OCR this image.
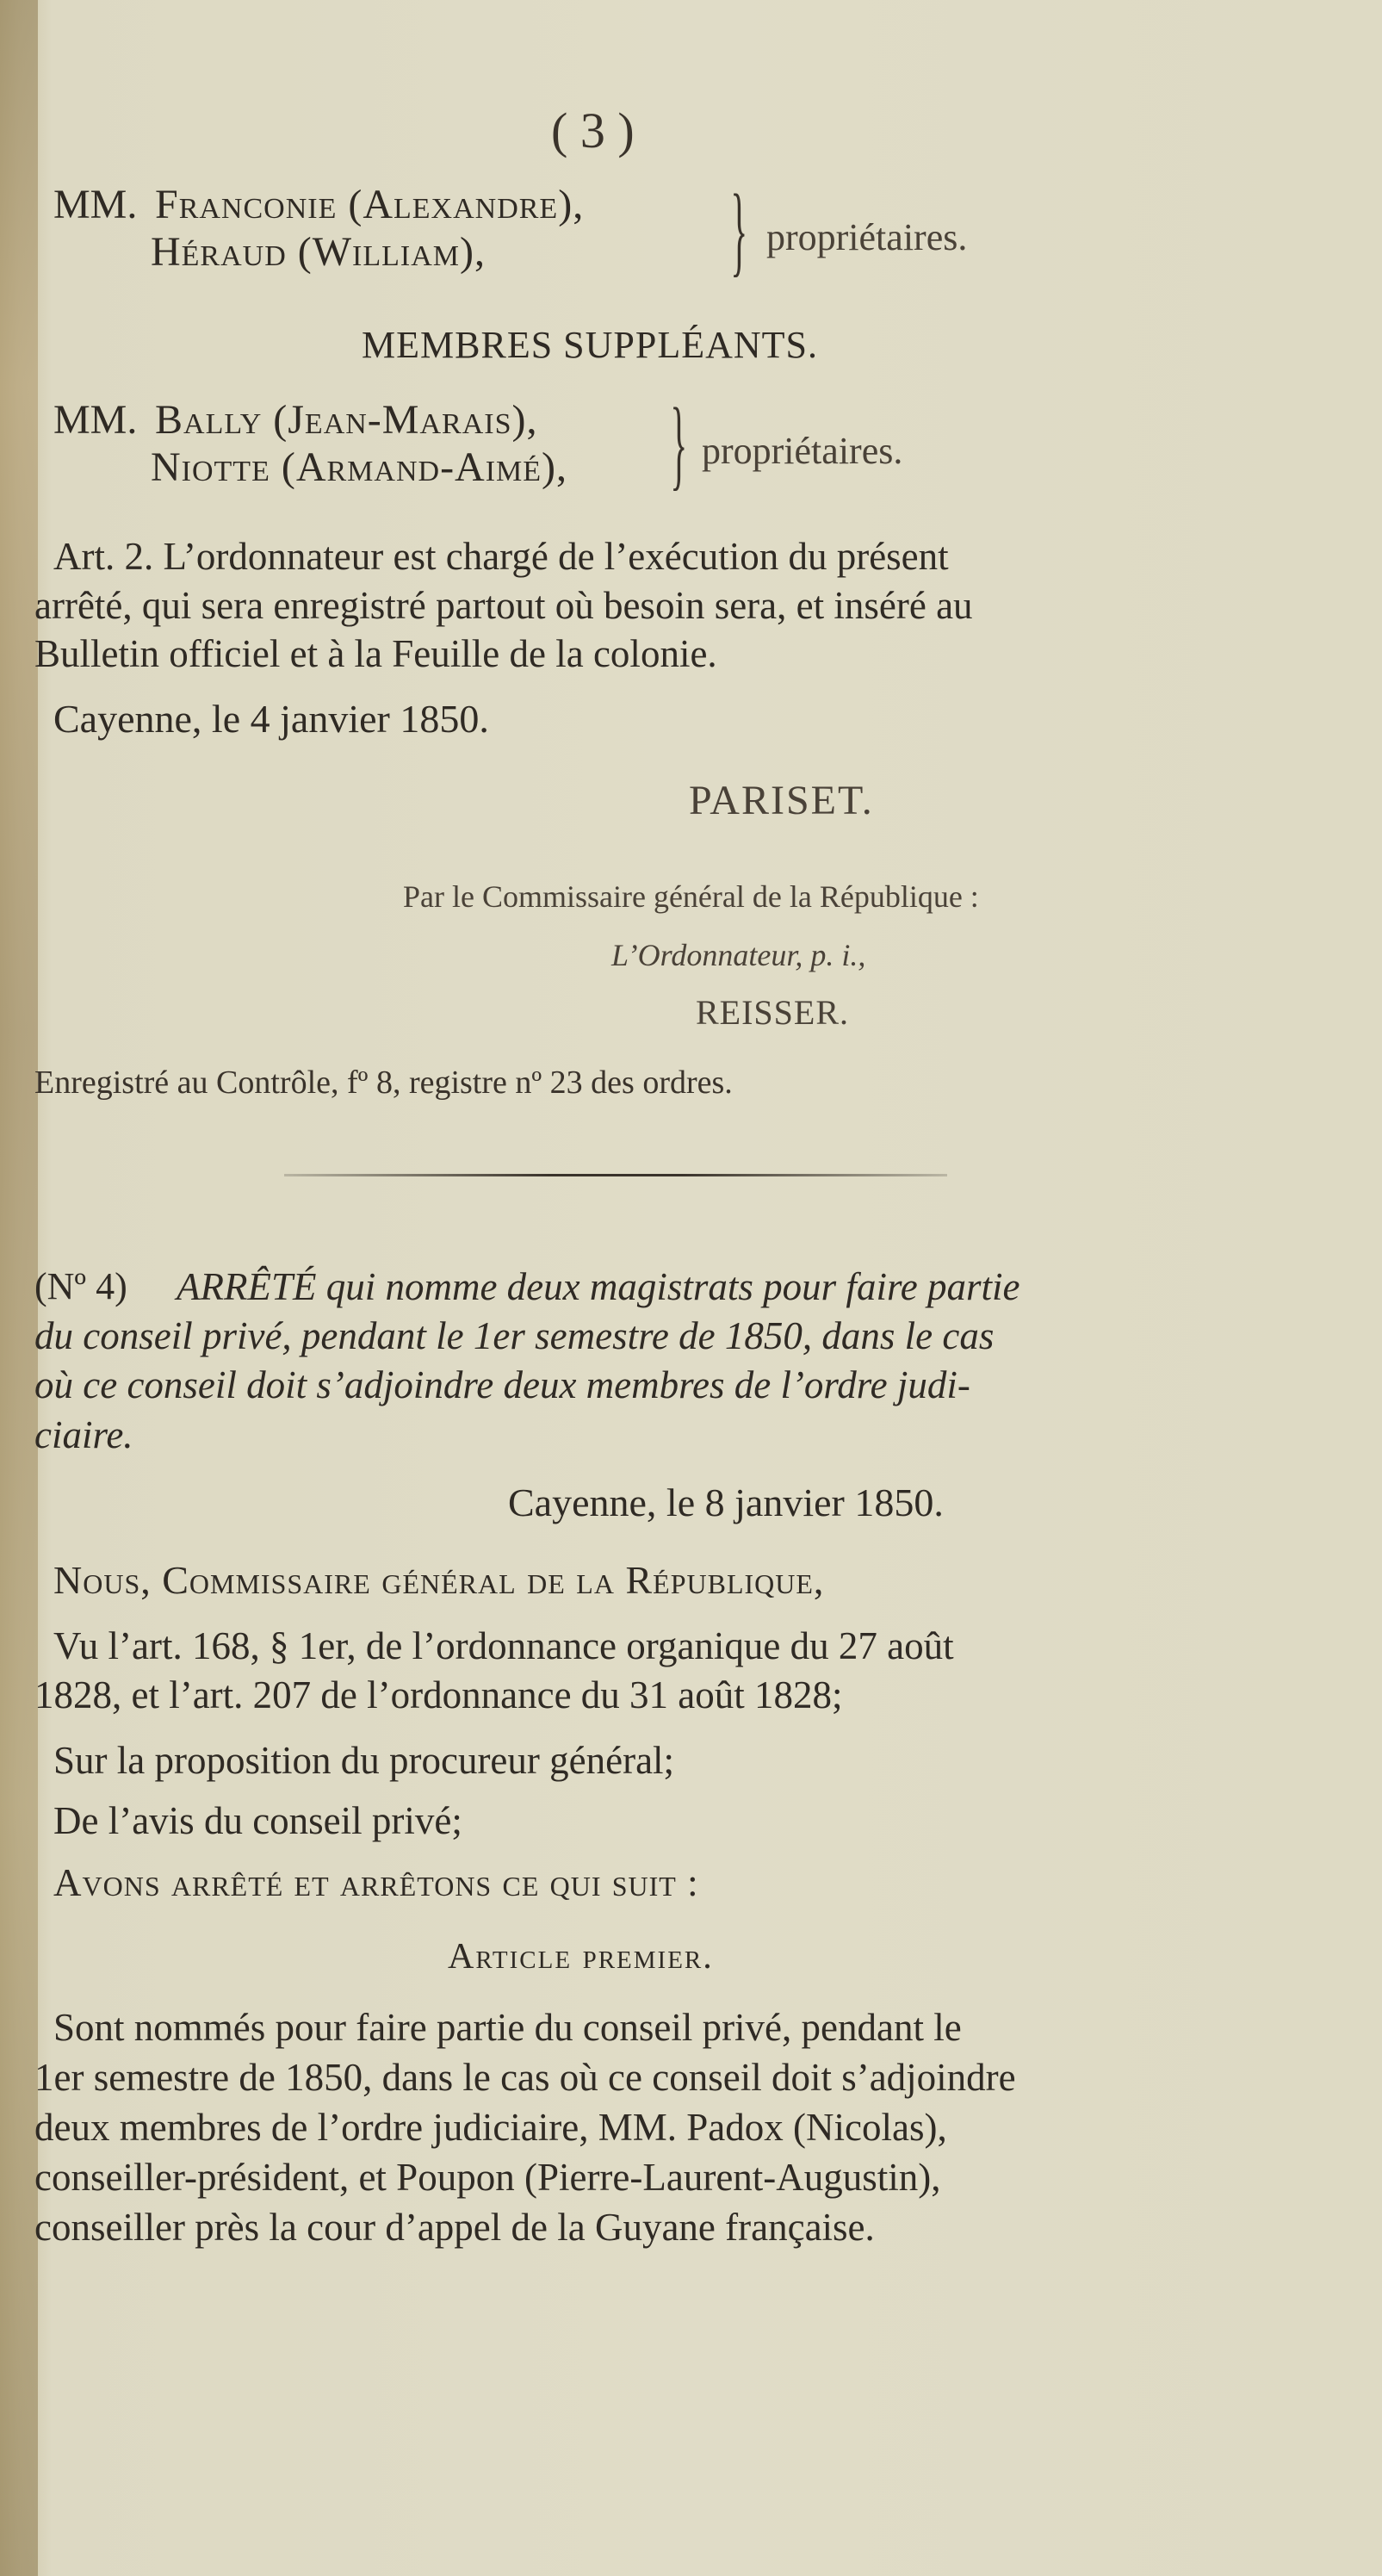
( 3 )
MM. Franconie (Alexandre),
Héraud (William), } propriétaires.
MEMBRES SUPPLÉANTS.
MM. Bally (Jean-Marais),
Niotte (Armand-Aimé), } propriétaires.
Art. 2. L’ordonnateur est chargé de l’exécution du présent
arrêté, qui sera enregistré partout où besoin sera, et inséré au
Bulletin officiel et à la Feuille de la colonie.
Cayenne, le 4 janvier 1850.
PARISET.
Par le Commissaire général de la République :
L’Ordonnateur, p. i.,
REISSER.
Enregistré au Contrôle, fº 8, registre nº 23 des ordres.
(Nº 4) ARRÊTÉ qui nomme deux magistrats pour faire partie
du conseil privé, pendant le 1er semestre de 1850, dans le cas
où ce conseil doit s’adjoindre deux membres de l’ordre judi-
ciaire.
Cayenne, le 8 janvier 1850.
Nous, Commissaire général de la République,
Vu l’art. 168, § 1er, de l’ordonnance organique du 27 août
1828, et l’art. 207 de l’ordonnance du 31 août 1828;
Sur la proposition du procureur général;
De l’avis du conseil privé;
Avons arrêté et arrêtons ce qui suit :
Article premier.
Sont nommés pour faire partie du conseil privé, pendant le
1er semestre de 1850, dans le cas où ce conseil doit s’adjoindre
deux membres de l’ordre judiciaire, MM. Padox (Nicolas),
conseiller-président, et Poupon (Pierre-Laurent-Augustin),
conseiller près la cour d’appel de la Guyane française.
